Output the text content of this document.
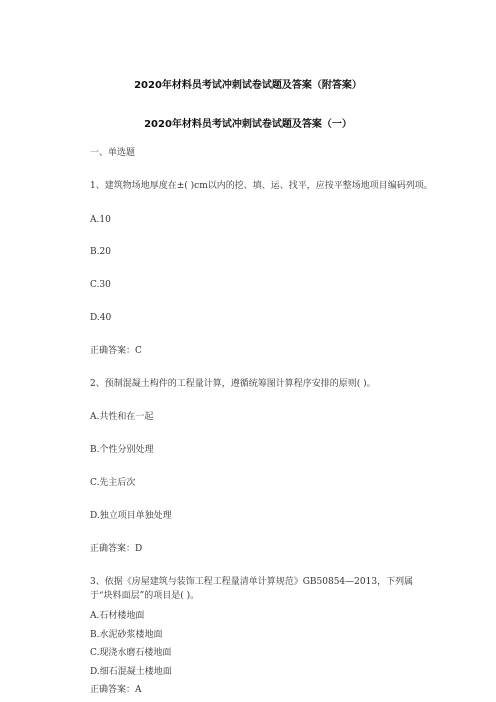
2020年材料员考试冲刺试卷试题及答案（附答案）
2020年材料员考试冲刺试卷试题及答案（一）
一、单选题
1、建筑物场地厚度在±( )cm以内的挖、填、运、找平，应按平整场地项目编码列项。
A.10
B.20
C.30
D.40
正确答案：C
2、预制混凝土构件的工程量计算，遵循统筹图计算程序安排的原则( )。
A.共性和在一起
B.个性分别处理
C.先主后次
D.独立项目单独处理
正确答案：D
3、依据《房屋建筑与装饰工程工程量清单计算规范》GB50854—2013，下列属于“块料面层”的项目是( )。
A.石材楼地面
B.水泥砂浆楼地面
C.现浇水磨石楼地面
D.细石混凝土楼地面
正确答案：A
